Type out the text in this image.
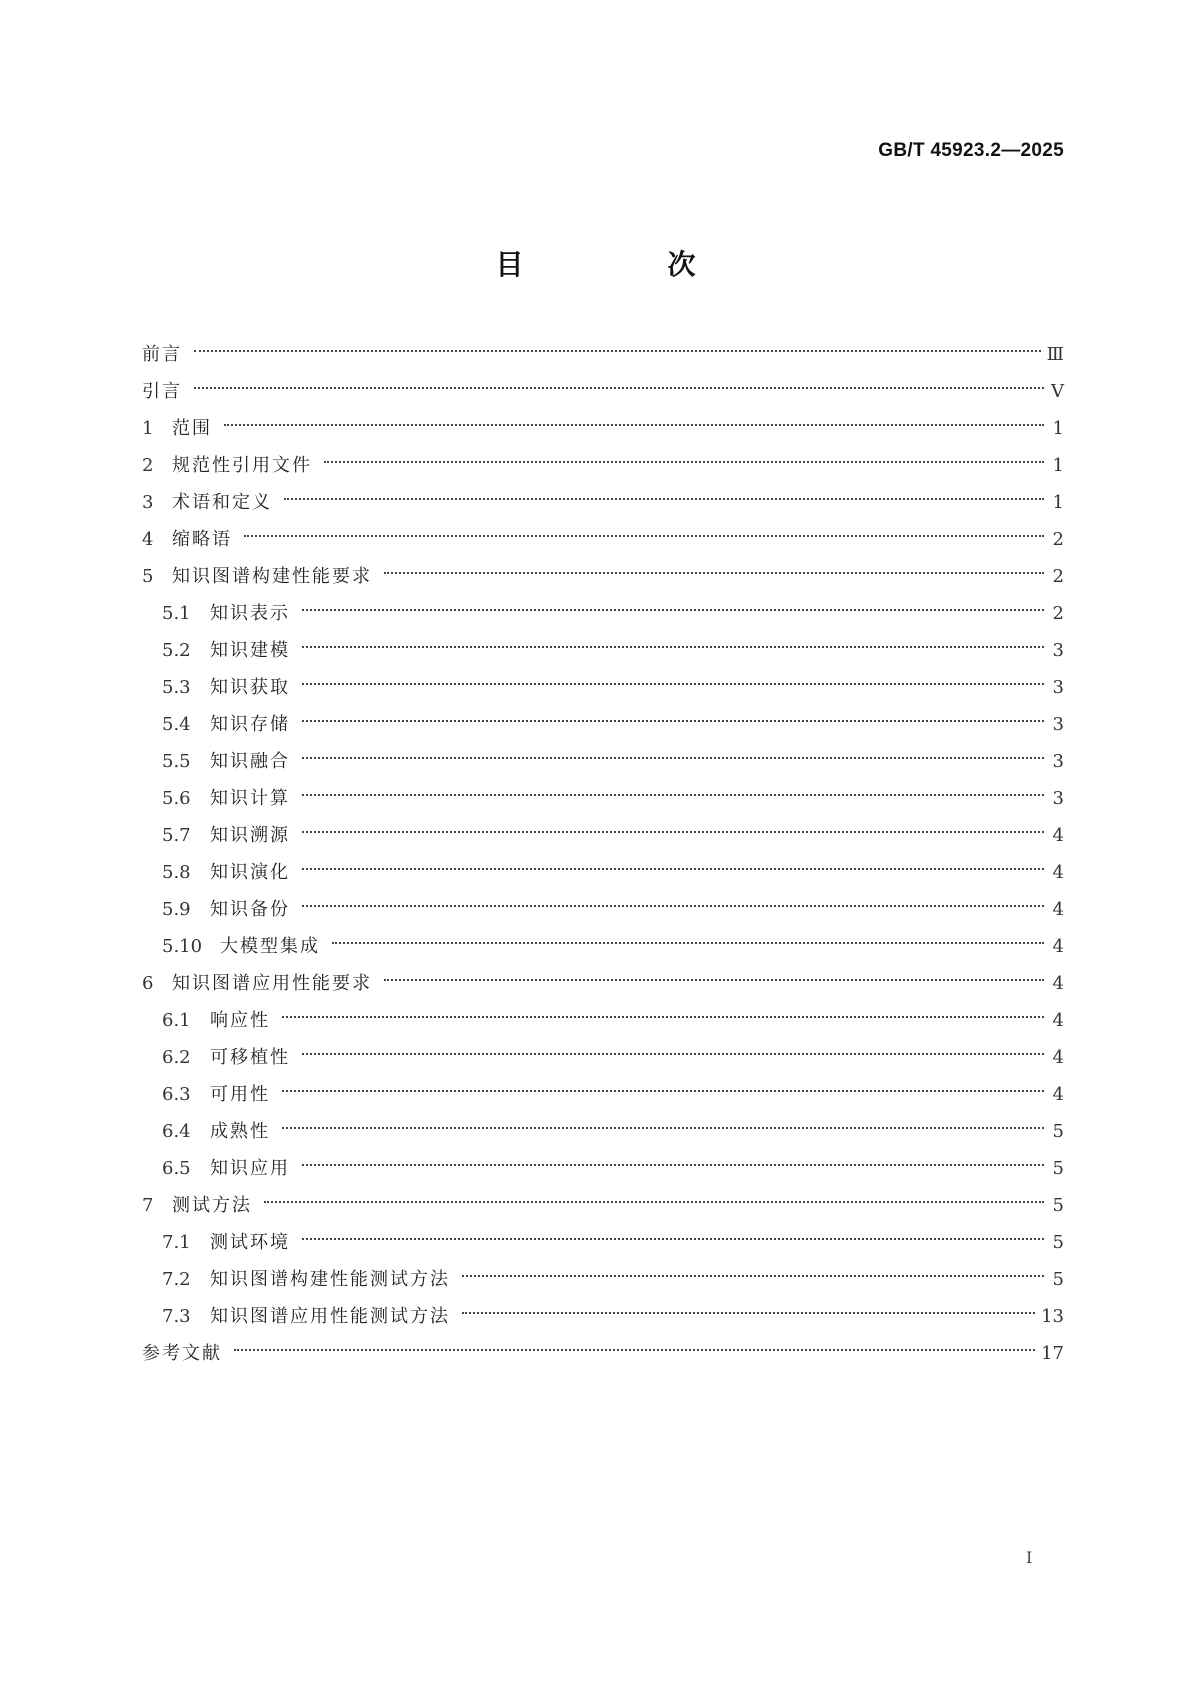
GB/T 45923.2—2025
目　次
前言	Ⅲ
引言	Ⅴ
1	范围	1
2	规范性引用文件	1
3	术语和定义	1
4	缩略语	2
5	知识图谱构建性能要求	2
5.1	知识表示	2
5.2	知识建模	3
5.3	知识获取	3
5.4	知识存储	3
5.5	知识融合	3
5.6	知识计算	3
5.7	知识溯源	4
5.8	知识演化	4
5.9	知识备份	4
5.10 大模型集成	4
6	知识图谱应用性能要求	4
6.1	响应性	4
6.2	可移植性	4
6.3	可用性	4
6.4	成熟性	5
6.5	知识应用	5
7	测试方法	5
7.1	测试环境	5
7.2	知识图谱构建性能测试方法	5
7.3	知识图谱应用性能测试方法	13
参考文献	17
I
